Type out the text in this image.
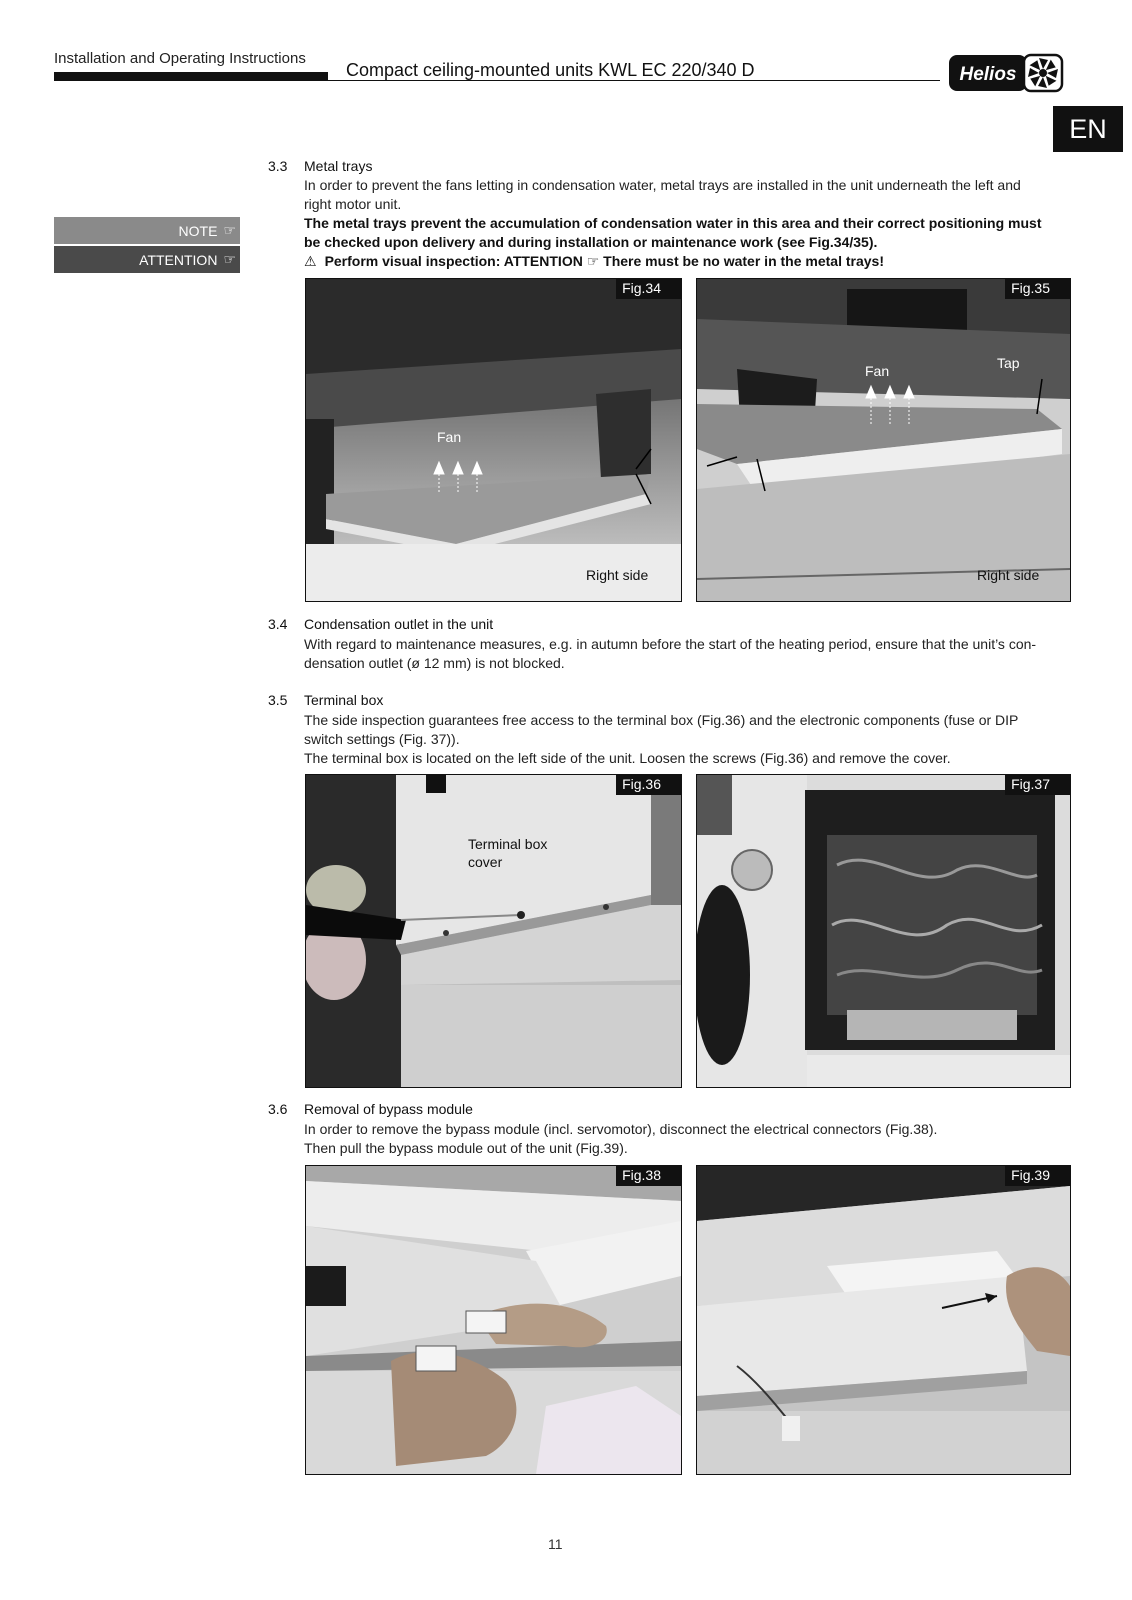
Installation and Operating Instructions
Compact ceiling-mounted units KWL EC 220/340 D	Helios
EN
NOTE ☞
ATTENTION ☞
3.3 Metal trays
In order to prevent the fans letting in condensation water, metal trays are installed in the unit underneath the left and
right motor unit.
The metal trays prevent the accumulation of condensation water in this area and their correct positioning must
be checked upon delivery and during installation or maintenance work (see Fig.34/35).
⚠ Perform visual inspection: ATTENTION ☞ There must be no water in the metal trays!
Fan
Right side
Fig.34
Fan	Tap
Right side
Fig.35
3.4 Condensation outlet in the unit
With regard to maintenance measures, e.g. in autumn before the start of the heating period, ensure that the unit’s con-
densation outlet (ø 12 mm) is not blocked.
3.5 Terminal box
The side inspection guarantees free access to the terminal box (Fig.36) and the electronic components (fuse or DIP
switch settings (Fig. 37)).
The terminal box is located on the left side of the unit. Loosen the screws (Fig.36) and remove the cover.
Terminal box
cover
Fig.36	Fig.37
3.6 Removal of bypass module
In order to remove the bypass module (incl. servomotor), disconnect the electrical connectors (Fig.38).
Then pull the bypass module out of the unit (Fig.39).
Fig.38	Fig.39
11
